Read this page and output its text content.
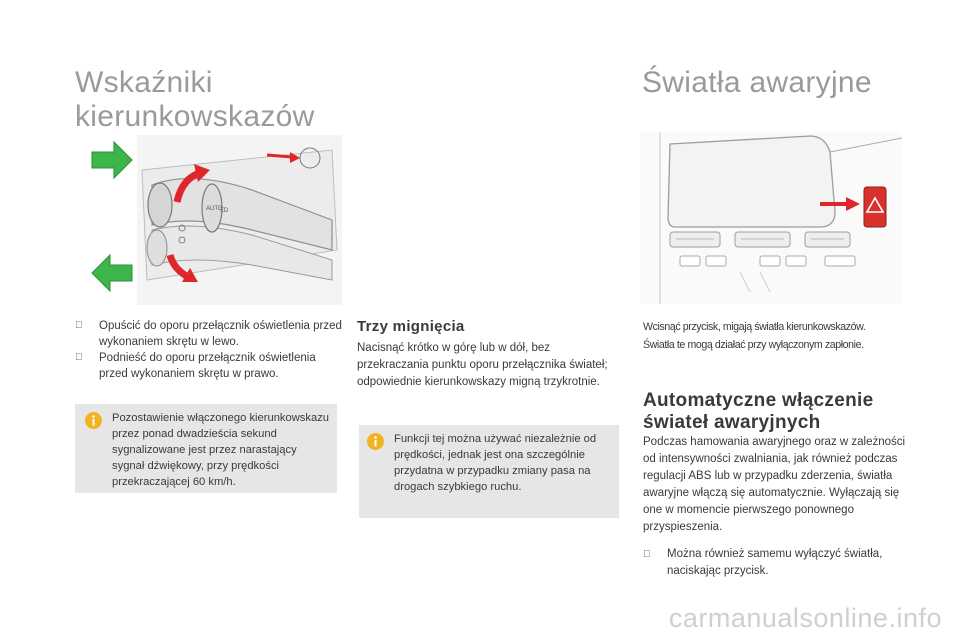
Wskaźniki
kierunkowskazów
AUTO
ΞD
Opuścić do oporu przełącznik oświetlenia przed wykonaniem skrętu w lewo.
Podnieść do oporu przełącznik oświetlenia przed wykonaniem skrętu w prawo.
Pozostawienie włączonego kierunkowskazu przez ponad dwadzieścia sekund sygnalizowane jest przez narastający sygnał dźwiękowy, przy prędkości przekraczającej 60 km/h.
Trzy mignięcia
Nacisnąć krótko w górę lub w dół, bez przekraczania punktu oporu przełącznika świateł; odpowiednie kierunkowskazy migną trzykrotnie.
Funkcji tej można używać niezależnie od prędkości, jednak jest ona szczególnie przydatna w przypadku zmiany pasa na drogach szybkiego ruchu.
Światła awaryjne
Wcisnąć przycisk, migają światła kierunkowskazów.
Światła te mogą działać przy wyłączonym zapłonie.
Automatyczne włączenie
świateł awaryjnych
Podczas hamowania awaryjnego oraz w zależności od intensywności zwalniania, jak również podczas regulacji ABS lub w przypadku zderzenia, światła awaryjne włączą się automatycznie. Wyłączają się one w momencie pierwszego ponownego przyspieszenia.
Można również samemu wyłączyć światła, naciskając przycisk.
carmanualsonline.info
